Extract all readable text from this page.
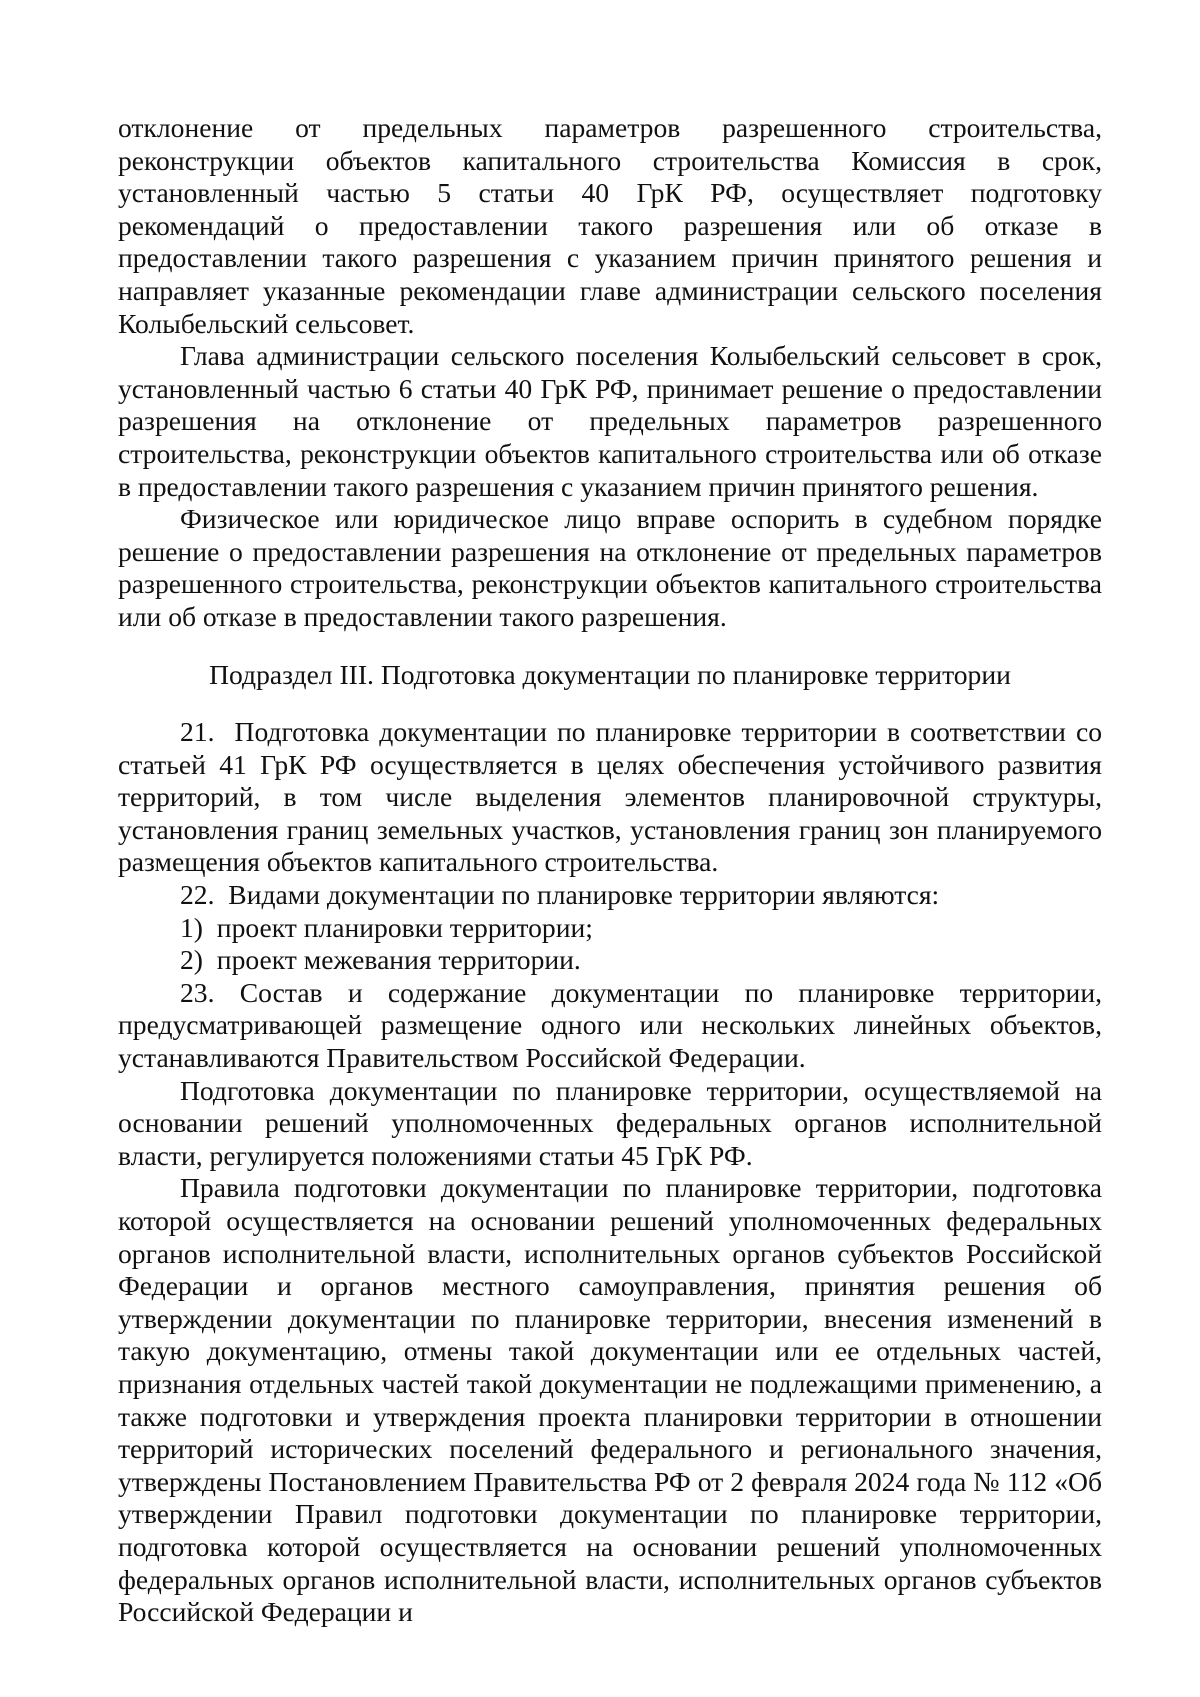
отклонение от предельных параметров разрешенного строительства, реконструкции объектов капитального строительства Комиссия в срок, установленный частью 5 статьи 40 ГрК РФ, осуществляет подготовку рекомендаций о предоставлении такого разрешения или об отказе в предоставлении такого разрешения с указанием причин принятого решения и направляет указанные рекомендации главе администрации сельского поселения Колыбельский сельсовет.

Глава администрации сельского поселения Колыбельский сельсовет в срок, установленный частью 6 статьи 40 ГрК РФ, принимает решение о предоставлении разрешения на отклонение от предельных параметров разрешенного строительства, реконструкции объектов капитального строительства или об отказе в предоставлении такого разрешения с указанием причин принятого решения.

Физическое или юридическое лицо вправе оспорить в судебном порядке решение о предоставлении разрешения на отклонение от предельных параметров разрешенного строительства, реконструкции объектов капитального строительства или об отказе в предоставлении такого разрешения.

Подраздел III. Подготовка документации по планировке территории

21. Подготовка документации по планировке территории в соответствии со статьей 41 ГрК РФ осуществляется в целях обеспечения устойчивого развития территорий, в том числе выделения элементов планировочной структуры, установления границ земельных участков, установления границ зон планируемого размещения объектов капитального строительства.

22. Видами документации по планировке территории являются:

1) проект планировки территории;

2) проект межевания территории.

23. Состав и содержание документации по планировке территории, предусматривающей размещение одного или нескольких линейных объектов, устанавливаются Правительством Российской Федерации.

Подготовка документации по планировке территории, осуществляемой на основании решений уполномоченных федеральных органов исполнительной власти, регулируется положениями статьи 45 ГрК РФ.

Правила подготовки документации по планировке территории, подготовка которой осуществляется на основании решений уполномоченных федеральных органов исполнительной власти, исполнительных органов субъектов Российской Федерации и органов местного самоуправления, принятия решения об утверждении документации по планировке территории, внесения изменений в такую документацию, отмены такой документации или ее отдельных частей, признания отдельных частей такой документации не подлежащими применению, а также подготовки и утверждения проекта планировки территории в отношении территорий исторических поселений федерального и регионального значения, утверждены Постановлением Правительства РФ от 2 февраля 2024 года № 112 «Об утверждении Правил подготовки документации по планировке территории, подготовка которой осуществляется на основании решений уполномоченных федеральных органов исполнительной власти, исполнительных органов субъектов Российской Федерации и
